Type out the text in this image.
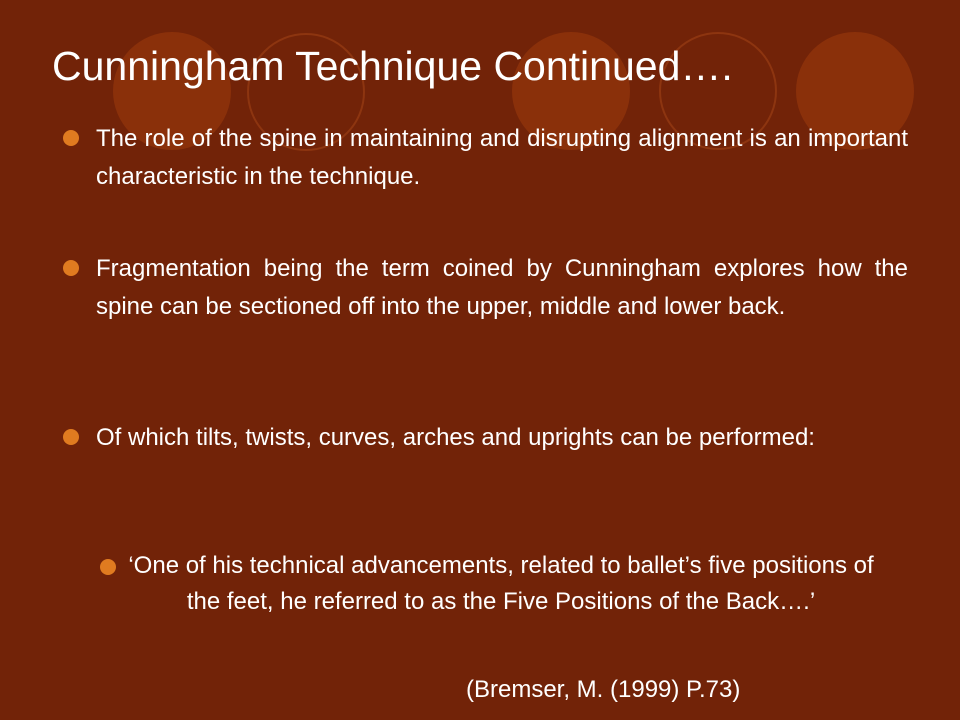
Cunningham Technique Continued….
The role of the spine in maintaining and disrupting alignment is an important characteristic in the technique.
Fragmentation being the term coined by Cunningham explores how the spine can be sectioned off into the upper, middle and lower back.
Of which tilts, twists, curves, arches and uprights can be performed:
‘One of his technical advancements, related to ballet’s five positions of the feet, he referred to as the Five Positions of the Back….’
(Bremser, M. (1999) P.73)
